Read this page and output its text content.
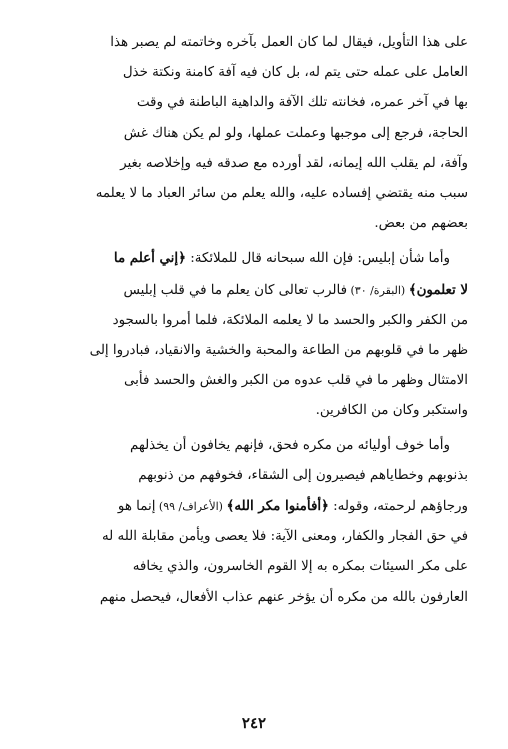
على هذا التأويل، فيقال لما كان العمل بآخره وخاتمته لم يصبر هذا
العامل على عمله حتى يتم له، بل كان فيه آفة كامنة ونكتة خذل
بها في آخر عمره، فخانته تلك الآفة والداهية الباطنة في وقت
الحاجة، فرجع إلى موجبها وعملت عملها، ولو لم يكن هناك غش
وآفة، لم يقلب الله إيمانه، لقد أورده مع صدقه فيه وإخلاصه بغير
سبب منه يقتضي إفساده عليه، والله يعلم من سائر العباد ما لا يعلمه
بعضهم من بعض.

وأما شأن إبليس: فإن الله سبحانه قال للملائكة: ﴿إني أعلم ما
لا تعلمون﴾ (البقرة/ ٣٠) فالرب تعالى كان يعلم ما في قلب إبليس
من الكفر والكبر والحسد ما لا يعلمه الملائكة، فلما أمروا بالسجود
ظهر ما في قلوبهم من الطاعة والمحبة والخشية والانقياد، فبادروا إلى
الامتثال وظهر ما في قلب عدوه من الكبر والغش والحسد فأبى
واستكبر وكان من الكافرين.

وأما خوف أوليائه من مكره فحق، فإنهم يخافون أن يخذلهم
بذنوبهم وخطاياهم فيصيرون إلى الشقاء، فخوفهم من ذنوبهم
ورجاؤهم لرحمته، وقوله: ﴿أفأمنوا مكر الله﴾ (الأعراف/ ٩٩) إنما هو
في حق الفجار والكفار، ومعنى الآية: فلا يعصى ويأمن مقابلة الله له
على مكر السيئات بمكره به إلا القوم الخاسرون، والذي يخافه
العارفون بالله من مكره أن يؤخر عنهم عذاب الأفعال، فيحصل منهم

٢٤٢
